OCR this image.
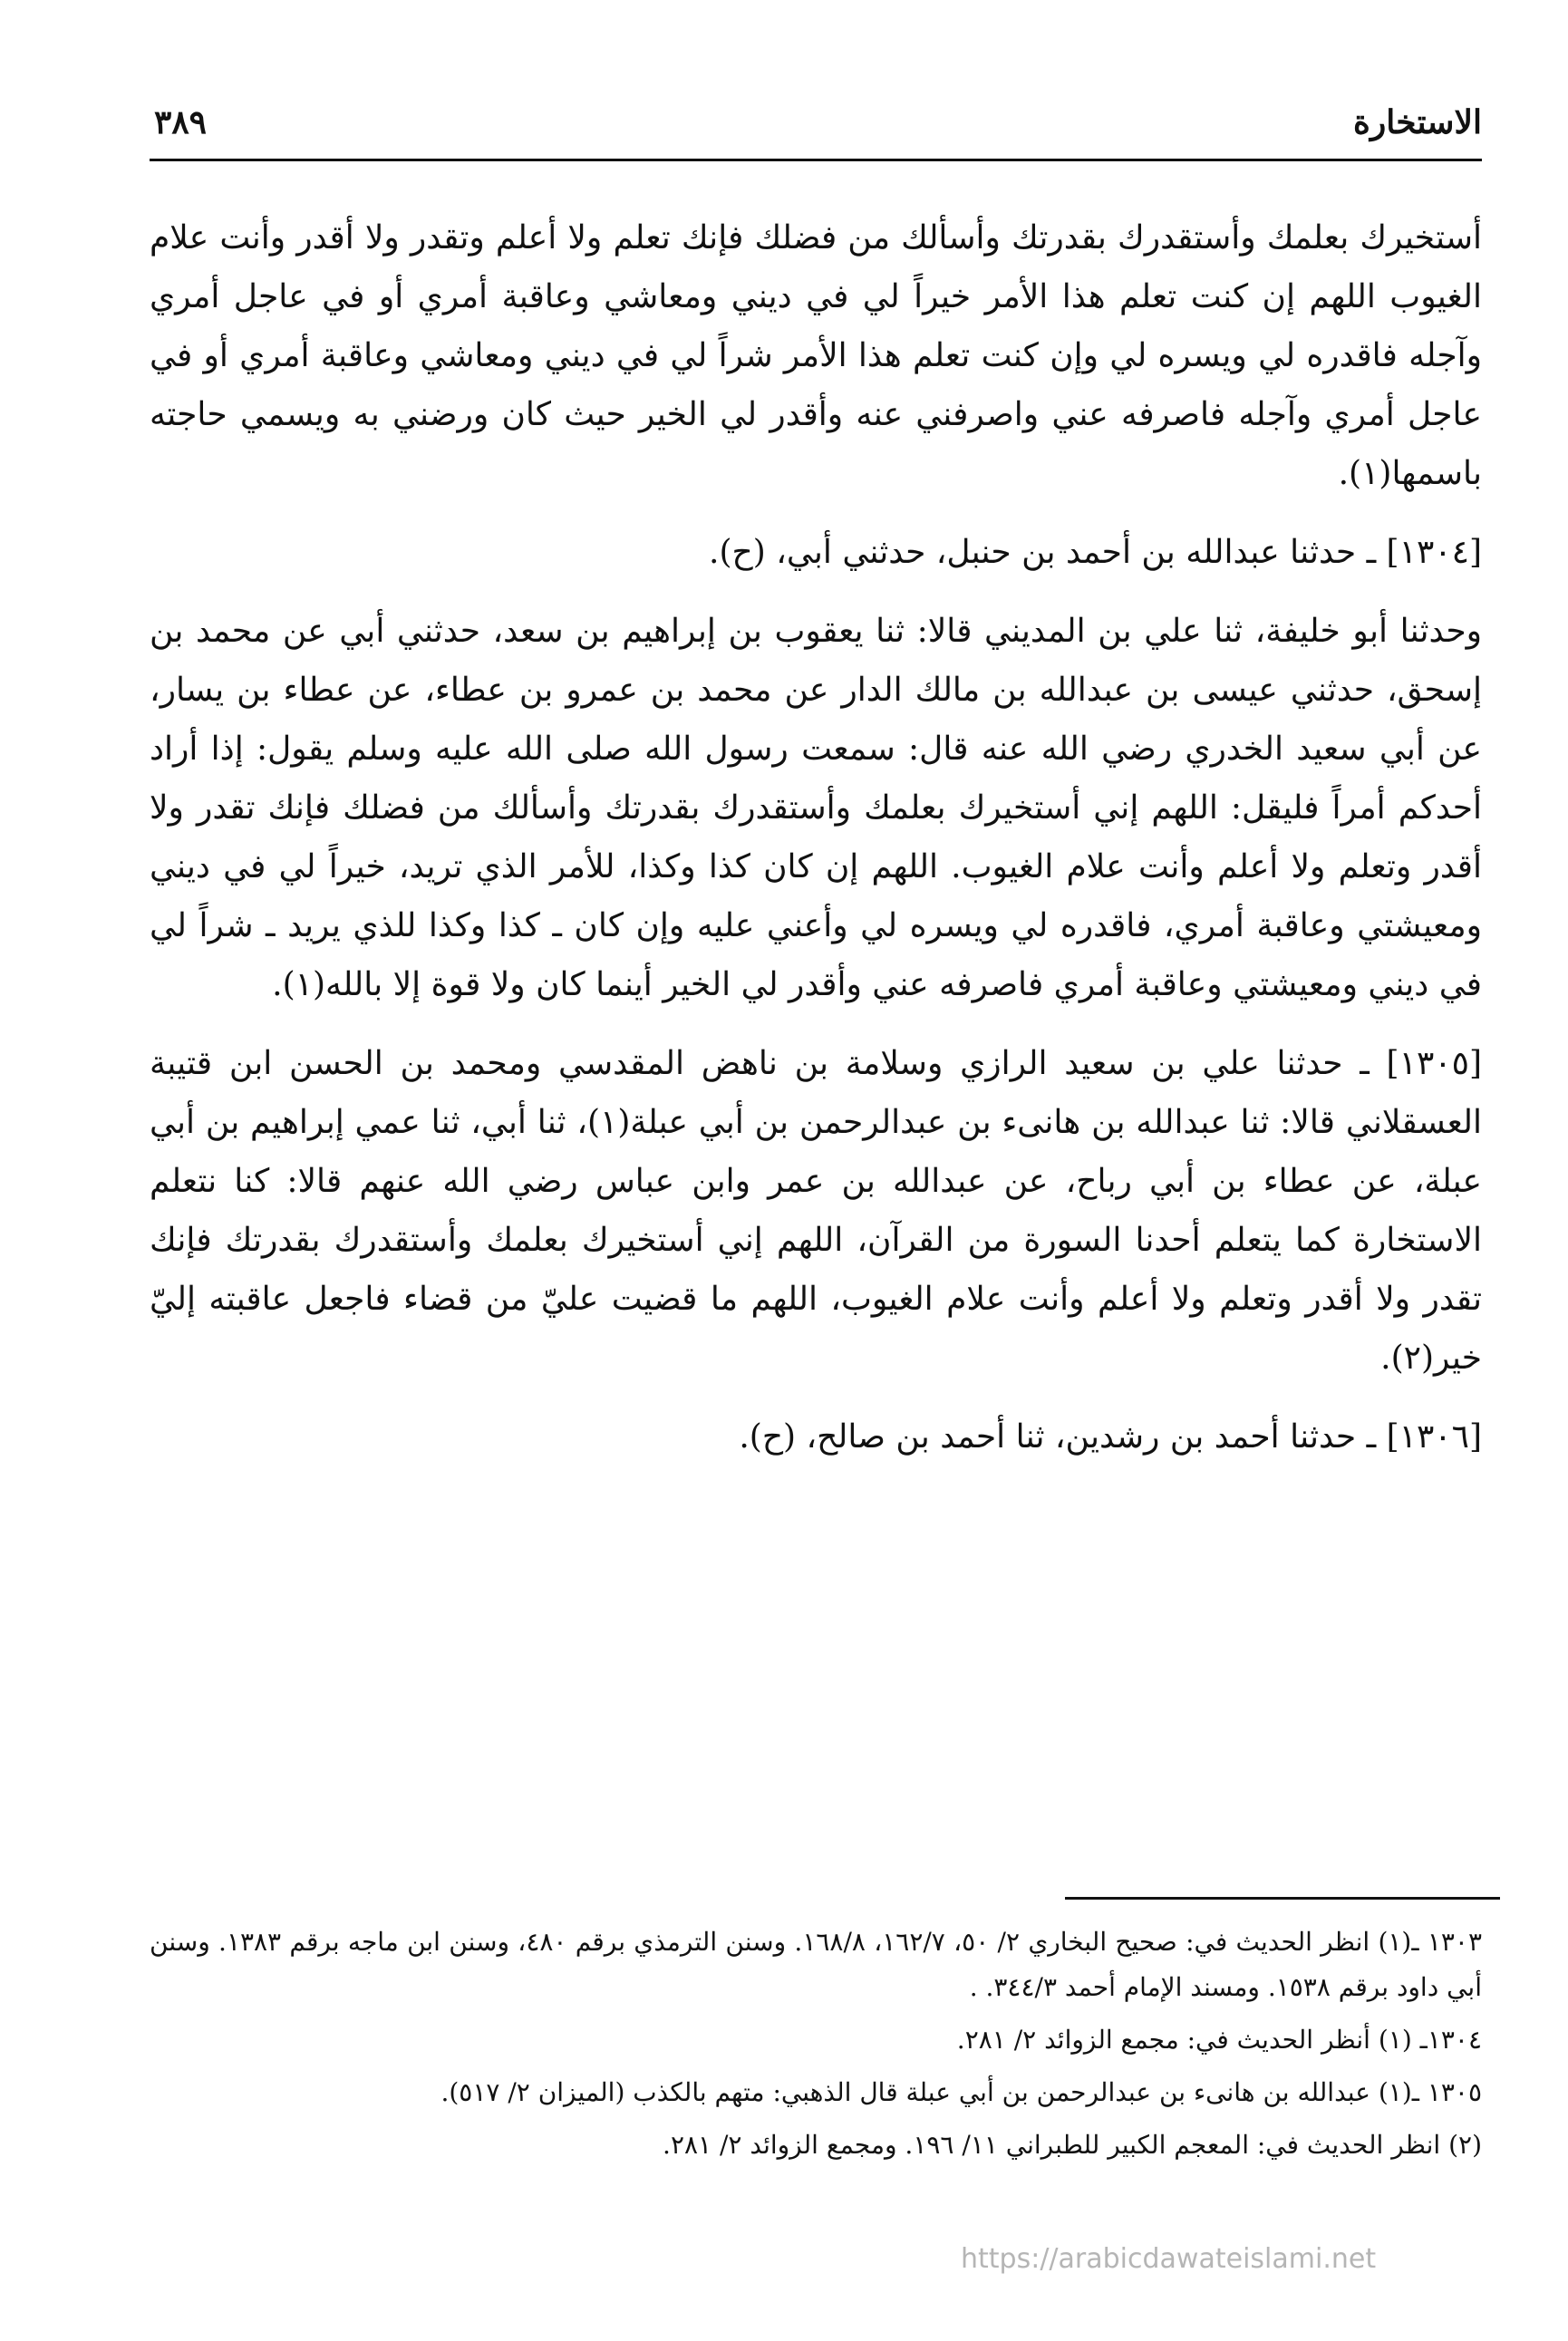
الاستخارة
٣٨٩

أستخيرك بعلمك وأستقدرك بقدرتك وأسألك من فضلك فإنك تعلم ولا أعلم وتقدر ولا أقدر وأنت علام الغيوب اللهم إن كنت تعلم هذا الأمر خيراً لي في ديني ومعاشي وعاقبة أمري أو في عاجل أمري وآجله فاقدره لي ويسره لي وإن كنت تعلم هذا الأمر شراً لي في ديني ومعاشي وعاقبة أمري أو في عاجل أمري وآجله فاصرفه عني واصرفني عنه وأقدر لي الخير حيث كان ورضني به ويسمي حاجته باسمها(١).

[١٣٠٤] ـ حدثنا عبدالله بن أحمد بن حنبل، حدثني أبي، (ح).

وحدثنا أبو خليفة، ثنا علي بن المديني قالا: ثنا يعقوب بن إبراهيم بن سعد، حدثني أبي عن محمد بن إسحق، حدثني عيسى بن عبدالله بن مالك الدار عن محمد بن عمرو بن عطاء، عن عطاء بن يسار، عن أبي سعيد الخدري رضي الله عنه قال: سمعت رسول الله صلى الله عليه وسلم يقول: إذا أراد أحدكم أمراً فليقل: اللهم إني أستخيرك بعلمك وأستقدرك بقدرتك وأسألك من فضلك فإنك تقدر ولا أقدر وتعلم ولا أعلم وأنت علام الغيوب. اللهم إن كان كذا وكذا، للأمر الذي تريد، خيراً لي في ديني ومعيشتي وعاقبة أمري، فاقدره لي ويسره لي وأعني عليه وإن كان ـ كذا وكذا للذي يريد ـ شراً لي في ديني ومعيشتي وعاقبة أمري فاصرفه عني وأقدر لي الخير أينما كان ولا قوة إلا بالله(١).

[١٣٠٥] ـ حدثنا علي بن سعيد الرازي وسلامة بن ناهض المقدسي ومحمد بن الحسن ابن قتيبة العسقلاني قالا: ثنا عبدالله بن هانىء بن عبدالرحمن بن أبي عبلة(١)، ثنا أبي، ثنا عمي إبراهيم بن أبي عبلة، عن عطاء بن أبي رباح، عن عبدالله بن عمر وابن عباس رضي الله عنهم قالا: كنا نتعلم الاستخارة كما يتعلم أحدنا السورة من القرآن، اللهم إني أستخيرك بعلمك وأستقدرك بقدرتك فإنك تقدر ولا أقدر وتعلم ولا أعلم وأنت علام الغيوب، اللهم ما قضيت عليّ من قضاء فاجعل عاقبته إليّ خير(٢).

[١٣٠٦] ـ حدثنا أحمد بن رشدين، ثنا أحمد بن صالح، (ح).

١٣٠٣ ـ(١) انظر الحديث في: صحيح البخاري ٢/ ٥٠، ١٦٢/٧، ١٦٨/٨. وسنن الترمذي برقم ٤٨٠، وسنن ابن ماجه برقم ١٣٨٣. وسنن أبي داود برقم ١٥٣٨. ومسند الإمام أحمد ٣٤٤/٣. .

١٣٠٤ـ (١) أنظر الحديث في: مجمع الزوائد ٢/ ٢٨١.

١٣٠٥ ـ(١) عبدالله بن هانىء بن عبدالرحمن بن أبي عبلة قال الذهبي: متهم بالكذب (الميزان ٢/ ٥١٧).

(٢) انظر الحديث في: المعجم الكبير للطبراني ١١/ ١٩٦. ومجمع الزوائد ٢/ ٢٨١.

https://arabicdawateislami.net
